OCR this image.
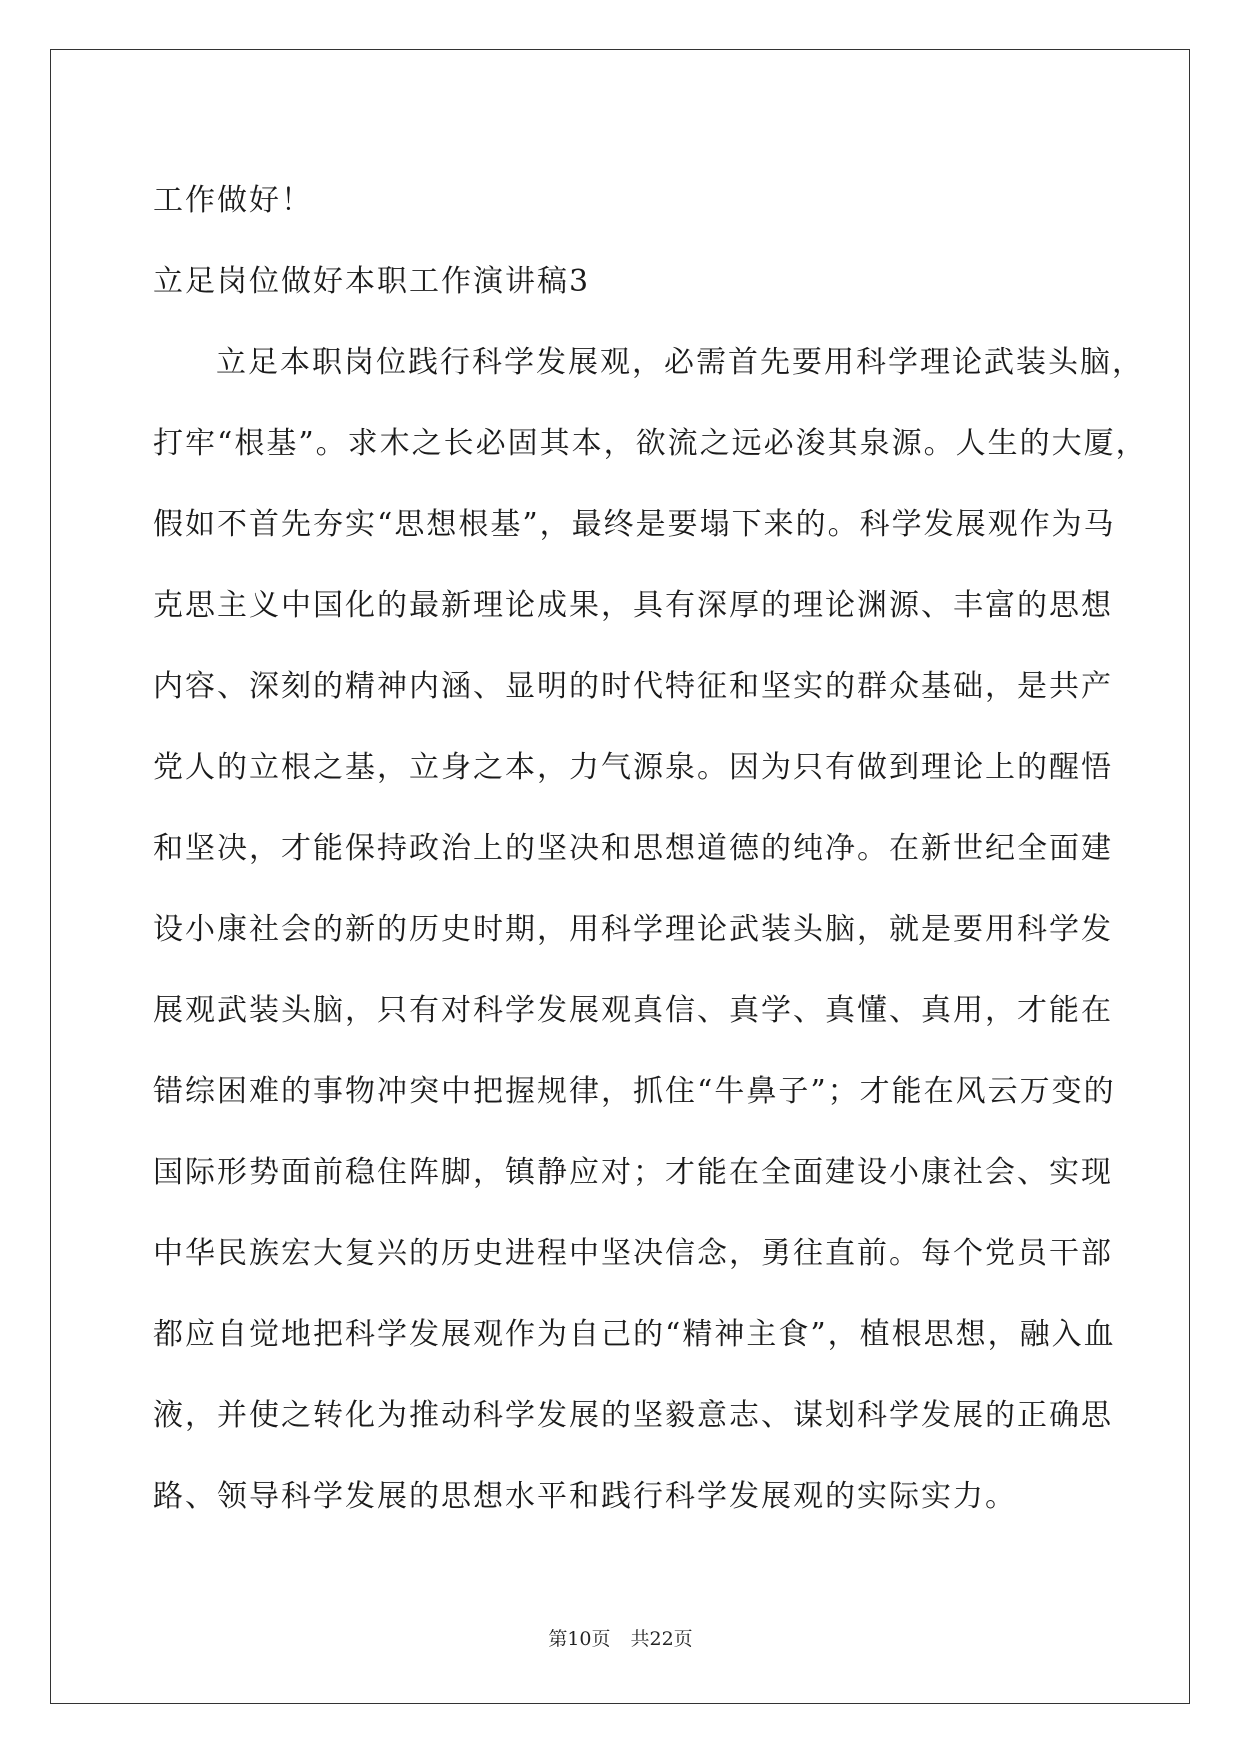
工作做好！

立足岗位做好本职工作演讲稿3

立足本职岗位践行科学发展观，必需首先要用科学理论武装头脑，

打牢“根基”。求木之长必固其本，欲流之远必浚其泉源。人生的大厦，

假如不首先夯实“思想根基”，最终是要塌下来的。科学发展观作为马

克思主义中国化的最新理论成果，具有深厚的理论渊源、丰富的思想

内容、深刻的精神内涵、显明的时代特征和坚实的群众基础，是共产

党人的立根之基，立身之本，力气源泉。因为只有做到理论上的醒悟

和坚决，才能保持政治上的坚决和思想道德的纯净。在新世纪全面建

设小康社会的新的历史时期，用科学理论武装头脑，就是要用科学发

展观武装头脑，只有对科学发展观真信、真学、真懂、真用，才能在

错综困难的事物冲突中把握规律，抓住“牛鼻子”；才能在风云万变的

国际形势面前稳住阵脚，镇静应对；才能在全面建设小康社会、实现

中华民族宏大复兴的历史进程中坚决信念，勇往直前。每个党员干部

都应自觉地把科学发展观作为自己的“精神主食”，植根思想，融入血

液，并使之转化为推动科学发展的坚毅意志、谋划科学发展的正确思

路、领导科学发展的思想水平和践行科学发展观的实际实力。

第10页 共22页
